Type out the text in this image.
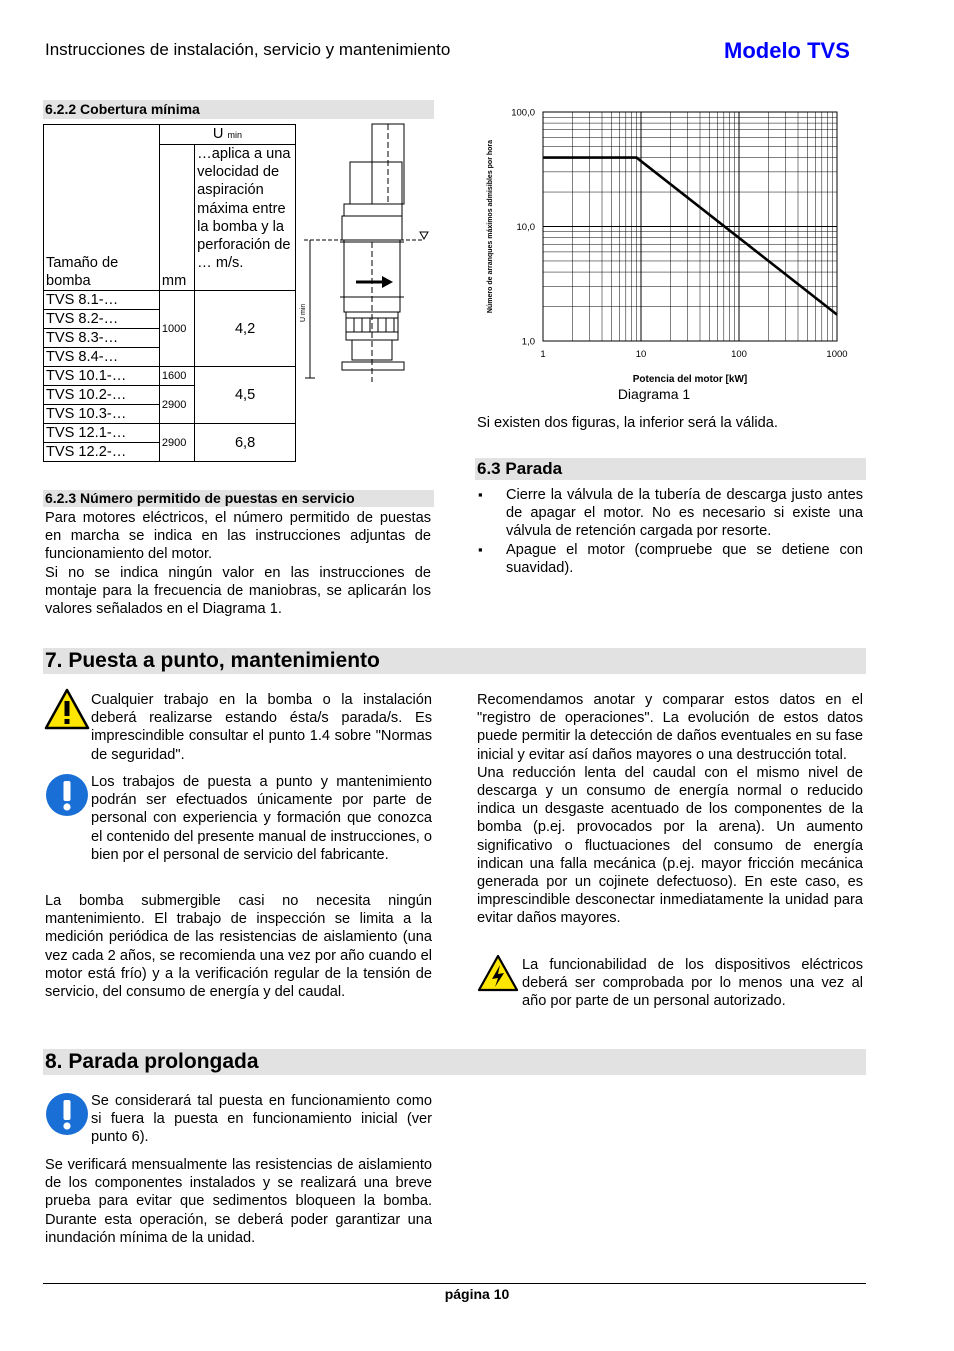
Instrucciones de instalación, servicio y mantenimiento	Modelo TVS
6.2.2 Cobertura mínima
Tamaño de bomba	U min	
	mm	…aplica a una velocidad de aspiración máxima entre la bomba y la perforación de … m/s.
TVS 8.1-…	1000	4,2
TVS 8.2-…		
TVS 8.3-…		
TVS 8.4-…		
TVS 10.1-…	1600	4,5
TVS 10.2-…	2900	
TVS 10.3-…		
TVS 12.1-…	2900	6,8
TVS 12.2-…		
U min
6.2.3 Número permitido de puestas en servicio

Para motores eléctricos, el número permitido de puestas en marcha se indica en las instrucciones adjuntas de funcionamiento del motor.

Si no se indica ningún valor en las instrucciones de montaje para la frecuencia de maniobras, se aplicarán los valores señalados en el Diagrama 1.

1,0
10,0
100,0
1	10	100	1000
Número de arranques máximos admisibles por hora
Potencia del motor [kW]
Diagrama 1
Si existen dos figuras, la inferior será la válida.
6.3 Parada
▪ Cierre la válvula de la tubería de descarga justo antes de apagar el motor. No es necesario si existe una válvula de retención cargada por resorte.
▪ Apague el motor (compruebe que se detiene con suavidad).
7. Puesta a punto, mantenimiento
Cualquier trabajo en la bomba o la instalación deberá realizarse estando ésta/s parada/s. Es imprescindible consultar el punto 1.4 sobre "Normas de seguridad".
Los trabajos de puesta a punto y mantenimiento podrán ser efectuados únicamente por parte de personal con experiencia y formación que conozca el contenido del presente manual de instrucciones, o bien por el personal de servicio del fabricante.
La bomba submergible casi no necesita ningún mantenimiento. El trabajo de inspección se limita a la medición periódica de las resistencias de aislamiento (una vez cada 2 años, se recomienda una vez por año cuando el motor está frío) y a la verificación regular de la tensión de servicio, del consumo de energía y del caudal.

Recomendamos anotar y comparar estos datos en el "registro de operaciones". La evolución de estos datos puede permitir la detección de daños eventuales en su fase inicial y evitar así daños mayores o una destrucción total.

Una reducción lenta del caudal con el mismo nivel de descarga y un consumo de energía normal o reducido indica un desgaste acentuado de los componentes de la bomba (p.ej. provocados por la arena). Un aumento significativo o fluctuaciones del consumo de energía indican una falla mecánica (p.ej. mayor fricción mecánica generada por un cojinete defectuoso). En este caso, es imprescindible desconectar inmediatamente la unidad para evitar daños mayores.

La funcionabilidad de los dispositivos eléctricos deberá ser comprobada por lo menos una vez al año por parte de un personal autorizado.
8. Parada prolongada
Se considerará tal puesta en funcionamiento como si fuera la puesta en funcionamiento inicial (ver punto 6).
Se verificará mensualmente las resistencias de aislamiento de los componentes instalados y se realizará una breve prueba para evitar que sedimentos bloqueen la bomba. Durante esta operación, se deberá poder garantizar una inundación mínima de la unidad.
página 10
